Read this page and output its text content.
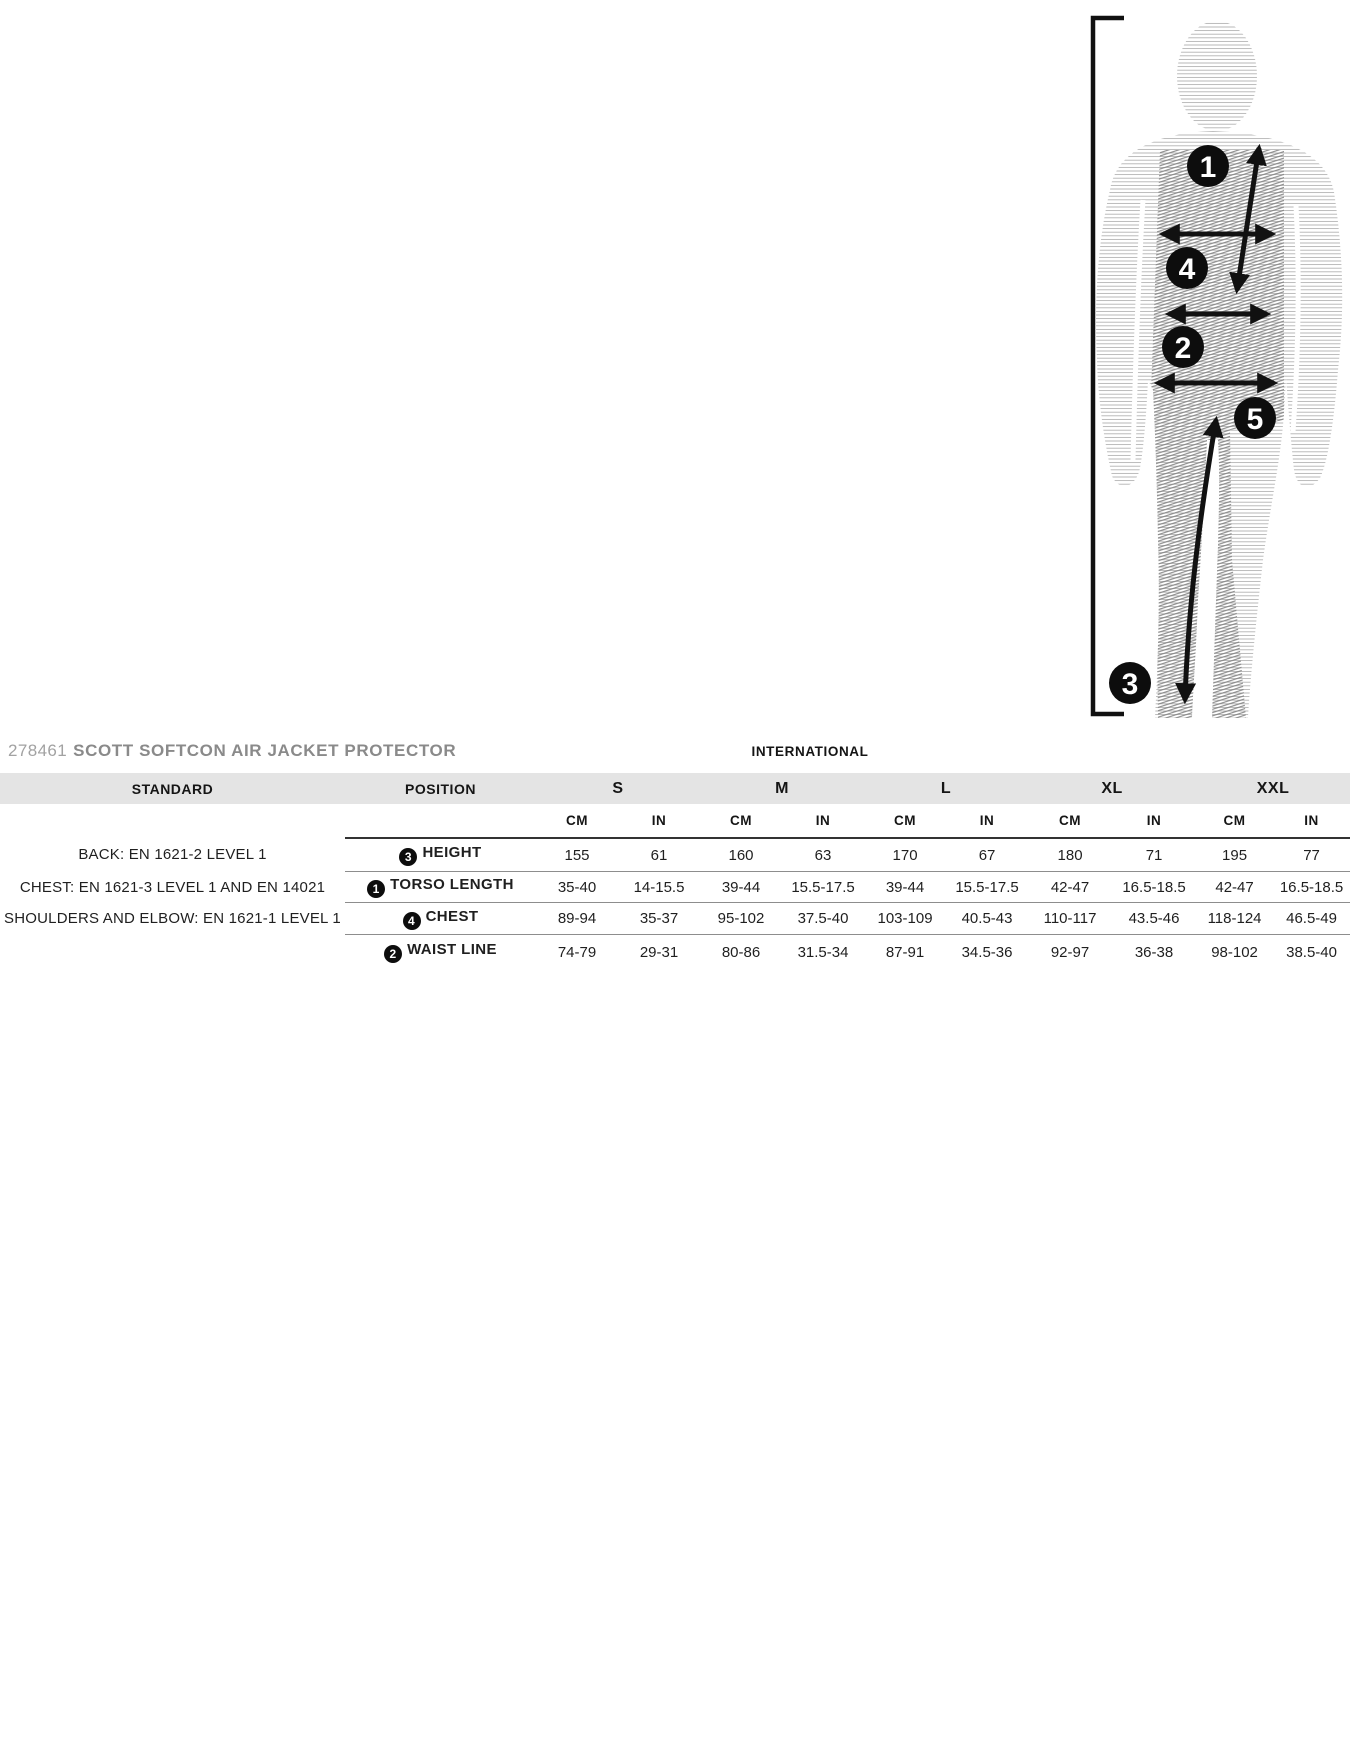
1
4
2
5
3
278461 SCOTT SOFTCON AIR JACKET PROTECTOR	INTERNATIONAL
STANDARD	POSITION	S		M		L		XL		XXL	
		CM	IN	CM	IN	CM	IN	CM	IN	CM	IN
BACK: EN 1621-2 LEVEL 1	3 HEIGHT	155	61	160	63	170	67	180	71	195	77
CHEST: EN 1621-3 LEVEL 1 AND EN 14021	1 TORSO LENGTH	35-40	14-15.5	39-44	15.5-17.5	39-44	15.5-17.5	42-47	16.5-18.5	42-47	16.5-18.5
SHOULDERS AND ELBOW: EN 1621-1 LEVEL 1	4 CHEST	89-94	35-37	95-102	37.5-40	103-109	40.5-43	110-117	43.5-46	118-124	46.5-49
	2 WAIST LINE	74-79	29-31	80-86	31.5-34	87-91	34.5-36	92-97	36-38	98-102	38.5-40
